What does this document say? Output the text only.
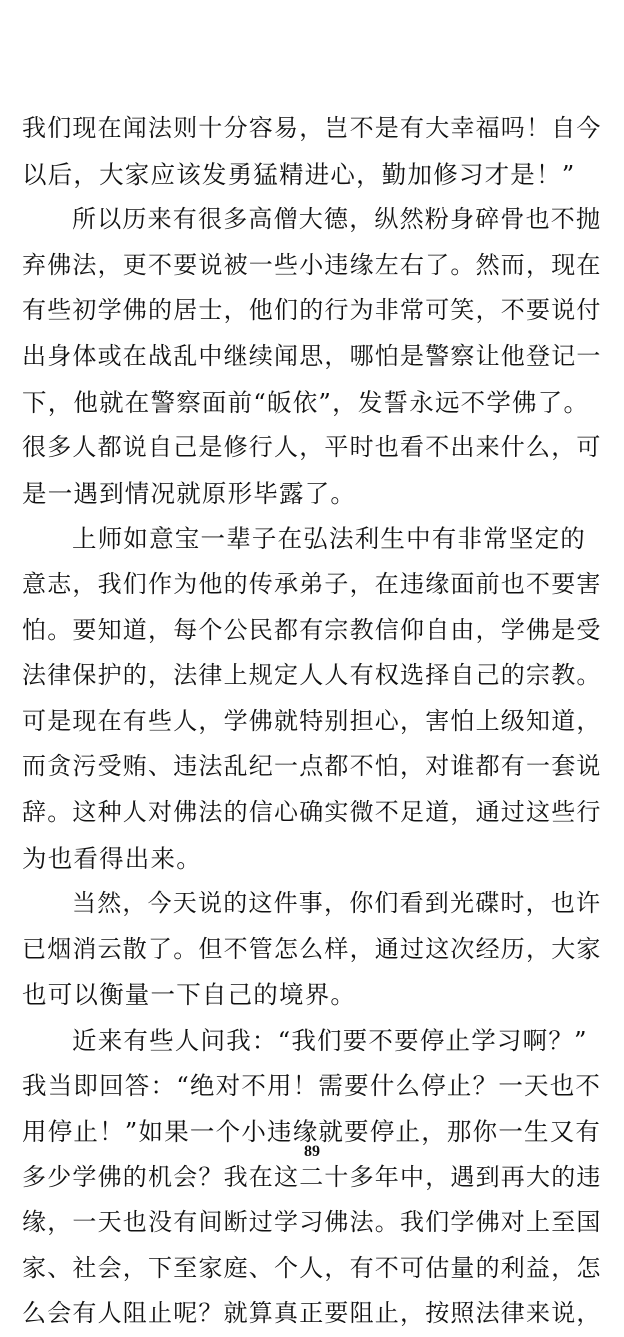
我们现在闻法则十分容易，岂不是有大幸福吗！自今
以后，大家应该发勇猛精进心，勤加修习才是！”
所以历来有很多高僧大德，纵然粉身碎骨也不抛
弃佛法，更不要说被一些小违缘左右了。然而，现在
有些初学佛的居士，他们的行为非常可笑，不要说付
出身体或在战乱中继续闻思，哪怕是警察让他登记一
下，他就在警察面前“皈依”，发誓永远不学佛了。
很多人都说自己是修行人，平时也看不出来什么，可
是一遇到情况就原形毕露了。
上师如意宝一辈子在弘法利生中有非常坚定的
意志，我们作为他的传承弟子，在违缘面前也不要害
怕。要知道，每个公民都有宗教信仰自由，学佛是受
法律保护的，法律上规定人人有权选择自己的宗教。
可是现在有些人，学佛就特别担心，害怕上级知道，
而贪污受贿、违法乱纪一点都不怕，对谁都有一套说
辞。这种人对佛法的信心确实微不足道，通过这些行
为也看得出来。
当然，今天说的这件事，你们看到光碟时，也许
已烟消云散了。但不管怎么样，通过这次经历，大家
也可以衡量一下自己的境界。
近来有些人问我：“我们要不要停止学习啊？”
我当即回答：“绝对不用！需要什么停止？一天也不
用停止！”如果一个小违缘就要停止，那你一生又有
多少学佛的机会？我在这二十多年中，遇到再大的违
缘，一天也没有间断过学习佛法。我们学佛对上至国
家、社会，下至家庭、个人，有不可估量的利益，怎
么会有人阻止呢？就算真正要阻止，按照法律来说，
89
